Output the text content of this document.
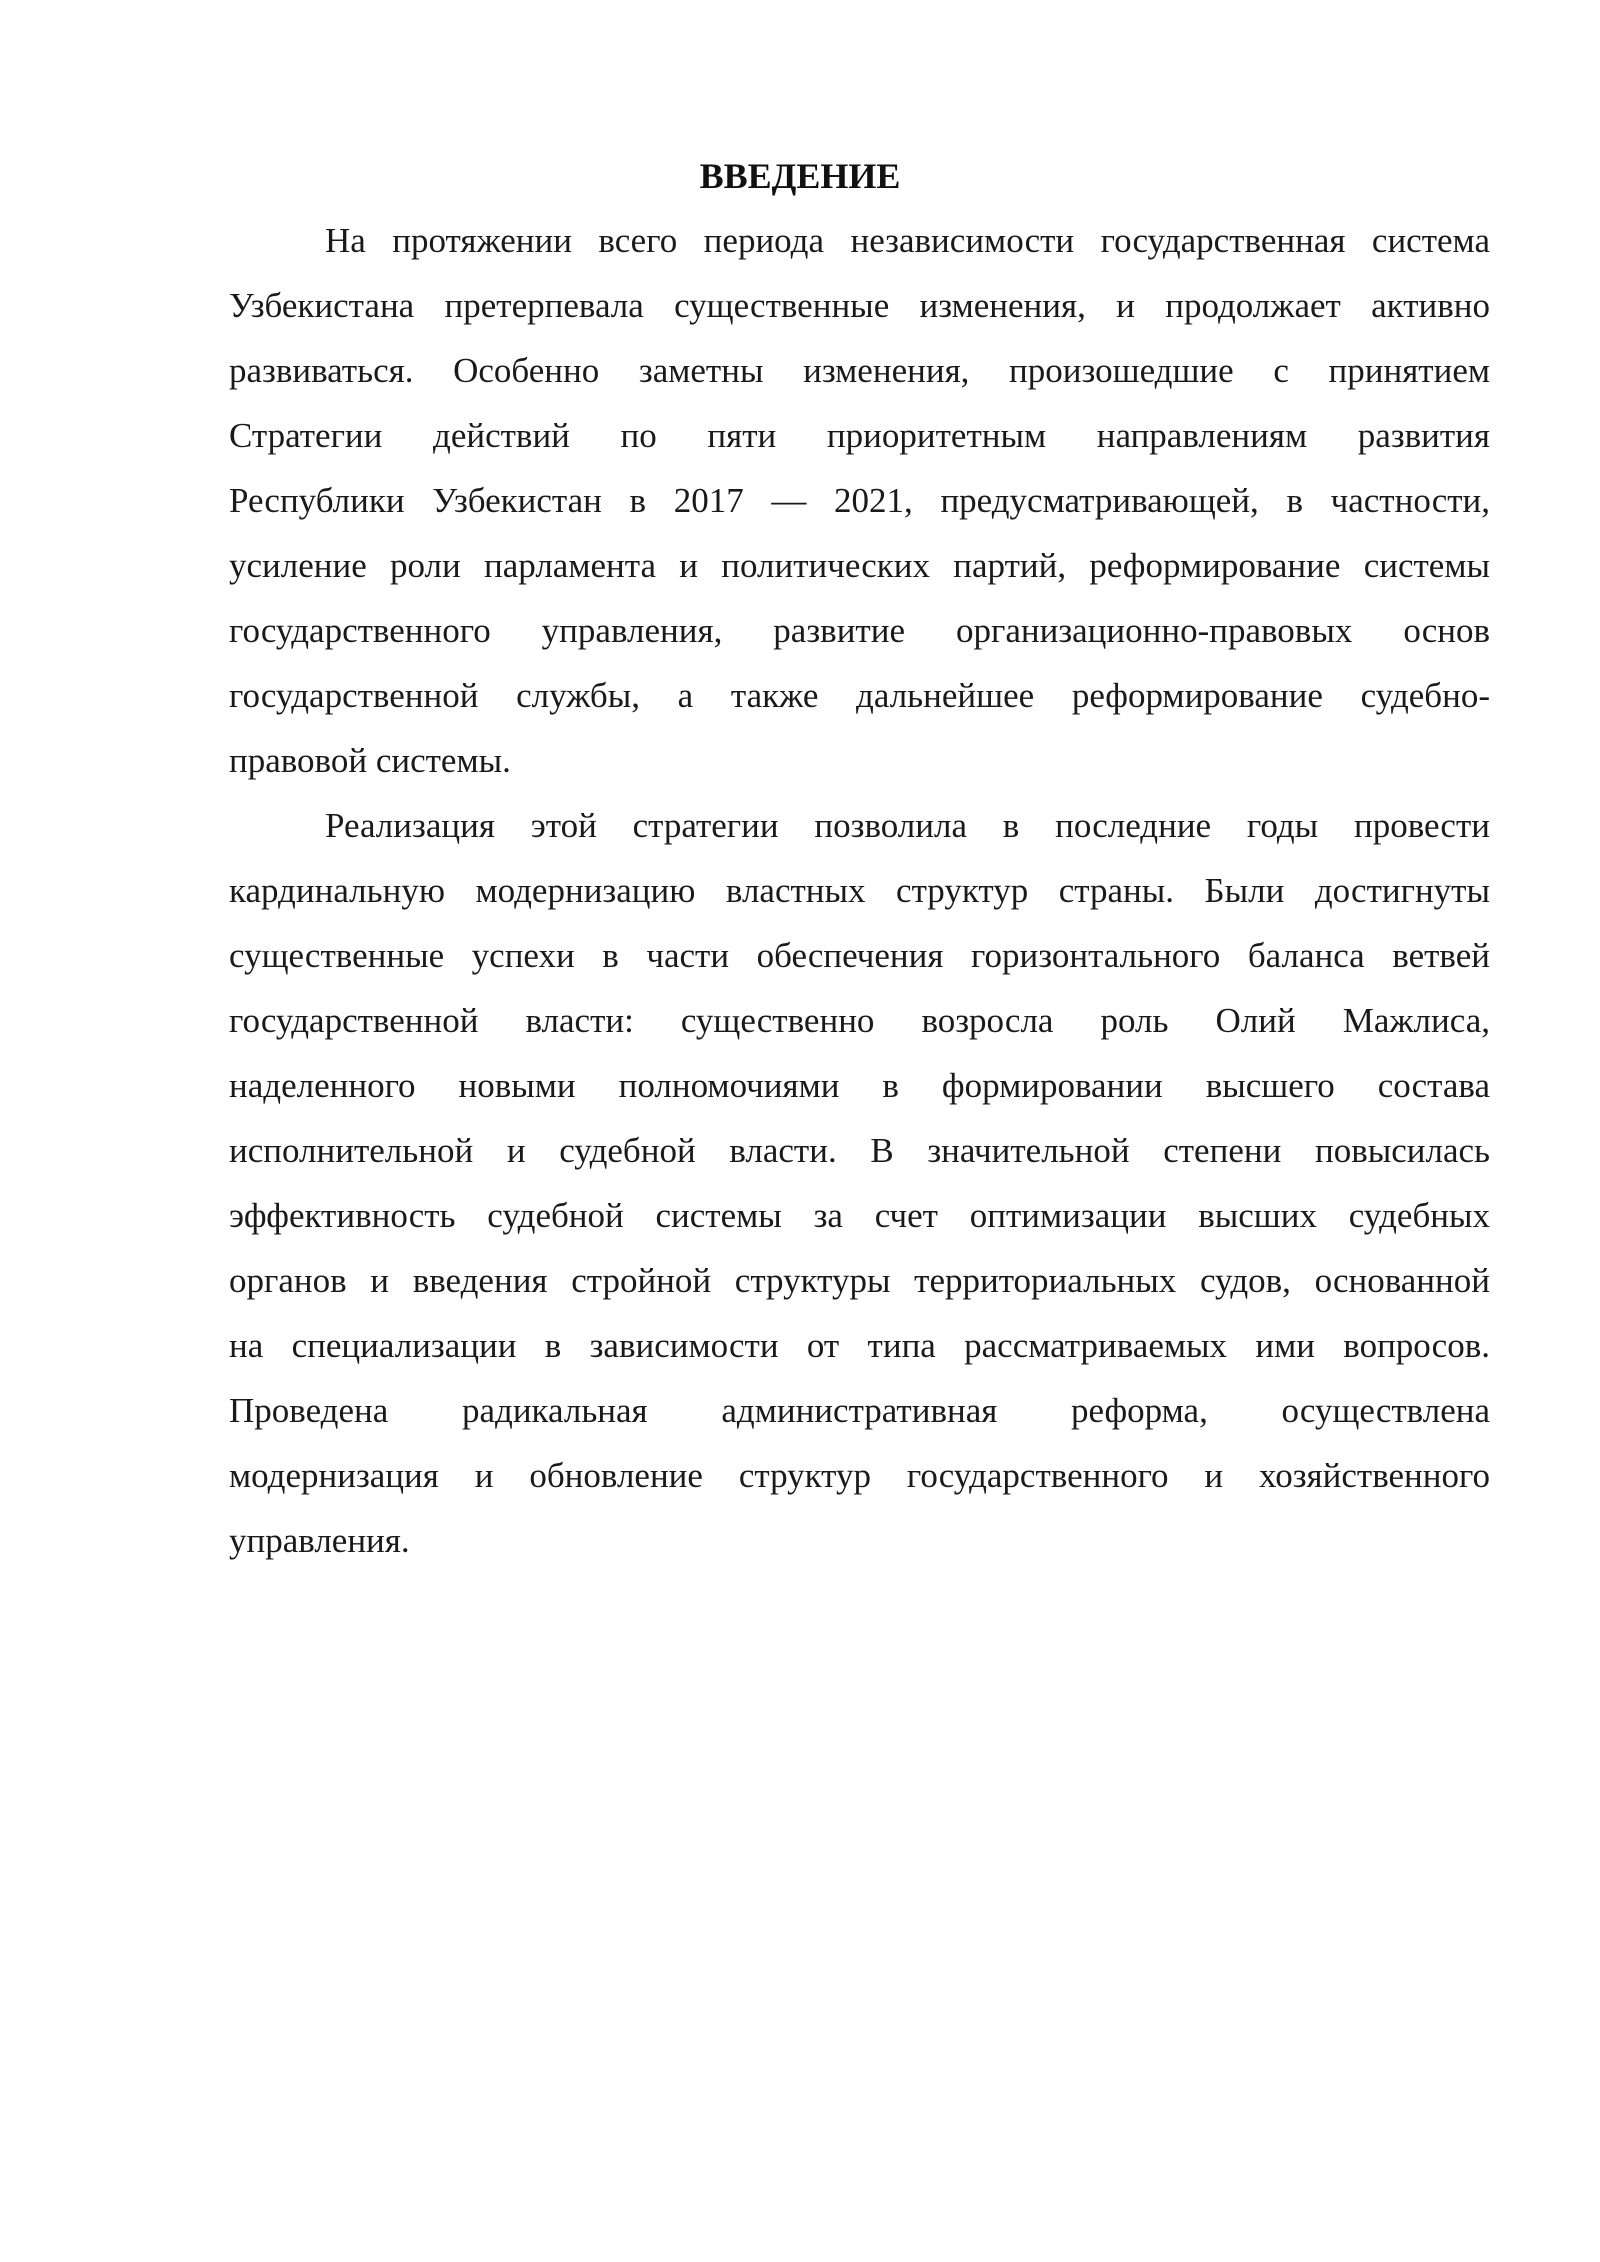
ВВЕДЕНИЕ
На протяжении всего периода независимости государственная система
Узбекистана претерпевала существенные изменения, и продолжает активно
развиваться. Особенно заметны изменения, произошедшие с принятием
Стратегии действий по пяти приоритетным направлениям развития
Республики Узбекистан в 2017 — 2021, предусматривающей, в частности,
усиление роли парламента и политических партий, реформирование системы
государственного управления, развитие организационно-правовых основ
государственной службы, а также дальнейшее реформирование судебно-
правовой системы.
Реализация этой стратегии позволила в последние годы провести
кардинальную модернизацию властных структур страны. Были достигнуты
существенные успехи в части обеспечения горизонтального баланса ветвей
государственной власти: существенно возросла роль Олий Мажлиса,
наделенного новыми полномочиями в формировании высшего состава
исполнительной и судебной власти. В значительной степени повысилась
эффективность судебной системы за счет оптимизации высших судебных
органов и введения стройной структуры территориальных судов, основанной
на специализации в зависимости от типа рассматриваемых ими вопросов.
Проведена радикальная административная реформа, осуществлена
модернизация и обновление структур государственного и хозяйственного
управления.
